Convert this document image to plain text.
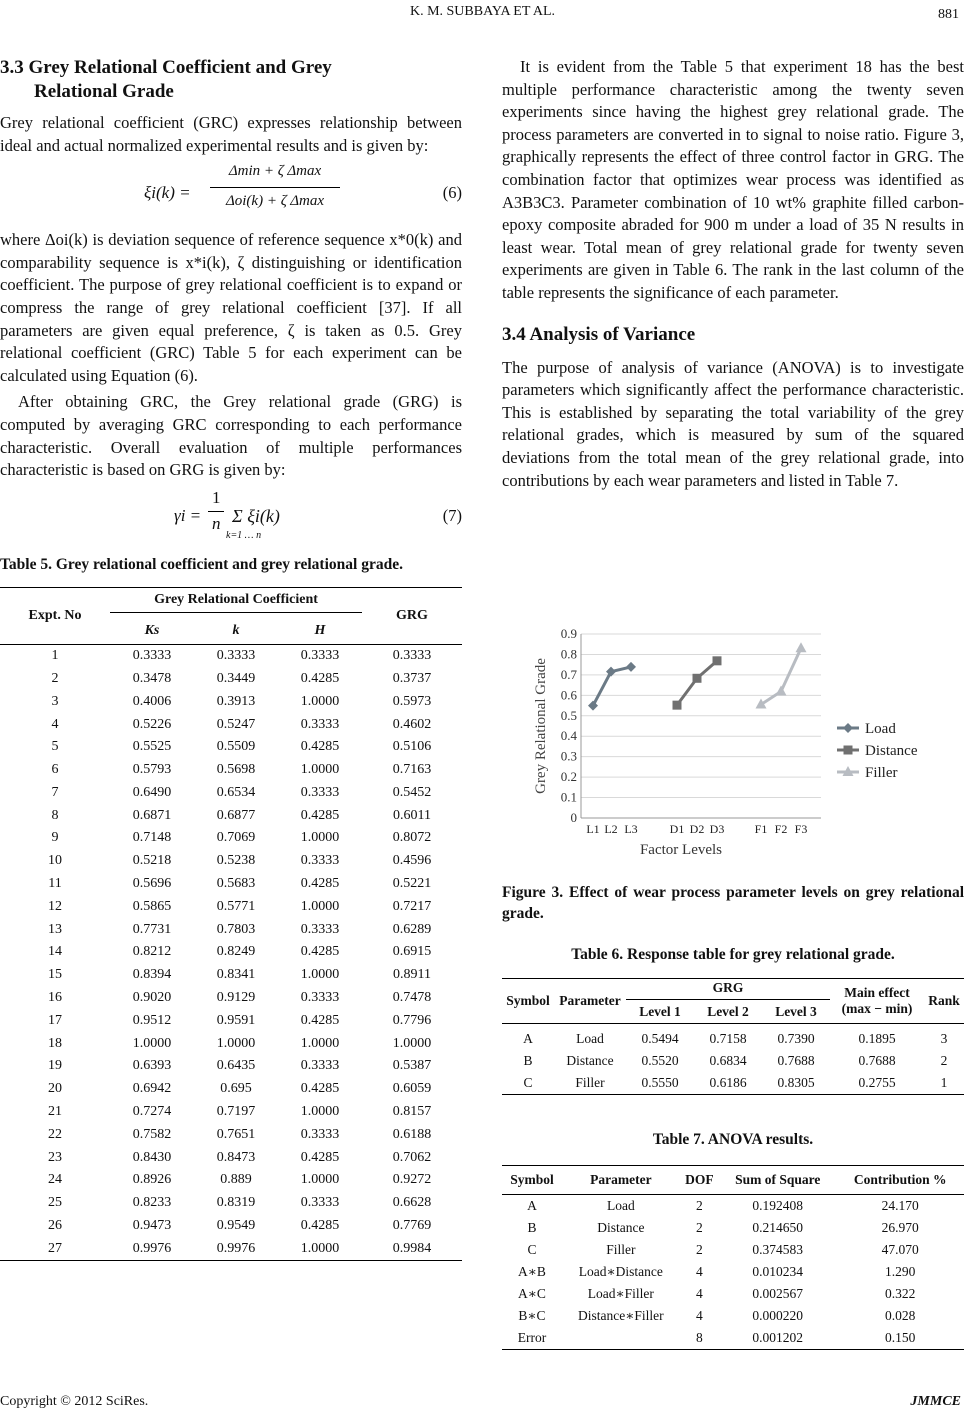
K. M. SUBBAYA ET AL.	881
3.3 Grey Relational Coefficient and Grey
Relational Grade

Grey relational coefficient (GRC) expresses relationship between ideal and actual normalized experimental results and is given by:

ξi(k) =
Δmin + ζ Δmax
Δoi(k) + ζ Δmax	(6)

where Δoi(k) is deviation sequence of reference sequence x*0(k) and comparability sequence is x*i(k), ζ distinguishing or identification coefficient. The purpose of grey relational coefficient is to expand or compress the range of grey relational coefficient [37]. If all parameters are given equal preference, ζ is taken as 0.5. Grey relational coefficient (GRC) Table 5 for each experiment can be calculated using Equation (6).

After obtaining GRC, the Grey relational grade (GRG) is computed by averaging GRC corresponding to each performance characteristic. Overall evaluation of multiple performances characteristic is based on GRG is given by:

γi =
1
n Σ ξi(k)
k=1 … n
(7)

Table 5. Grey relational coefficient and grey relational grade.

Expt. No	Grey Relational Coefficient			GRG
	Ks	k	H	
1	0.3333	0.3333	0.3333	0.3333
2	0.3478	0.3449	0.4285	0.3737
3	0.4006	0.3913	1.0000	0.5973
4	0.5226	0.5247	0.3333	0.4602
5	0.5525	0.5509	0.4285	0.5106
6	0.5793	0.5698	1.0000	0.7163
7	0.6490	0.6534	0.3333	0.5452
8	0.6871	0.6877	0.4285	0.6011
9	0.7148	0.7069	1.0000	0.8072
10	0.5218	0.5238	0.3333	0.4596
11	0.5696	0.5683	0.4285	0.5221
12	0.5865	0.5771	1.0000	0.7217
13	0.7731	0.7803	0.3333	0.6289
14	0.8212	0.8249	0.4285	0.6915
15	0.8394	0.8341	1.0000	0.8911
16	0.9020	0.9129	0.3333	0.7478
17	0.9512	0.9591	0.4285	0.7796
18	1.0000	1.0000	1.0000	1.0000
19	0.6393	0.6435	0.3333	0.5387
20	0.6942	0.695	0.4285	0.6059
21	0.7274	0.7197	1.0000	0.8157
22	0.7582	0.7651	0.3333	0.6188
23	0.8430	0.8473	0.4285	0.7062
24	0.8926	0.889	1.0000	0.9272
25	0.8233	0.8319	0.3333	0.6628
26	0.9473	0.9549	0.4285	0.7769
27	0.9976	0.9976	1.0000	0.9984

It is evident from the Table 5 that experiment 18 has the best multiple performance characteristic among the twenty seven experiments since having the highest grey relational grade. The process parameters are converted in to signal to noise ratio. Figure 3, graphically represents the effect of three control factor in GRG. The combination factor that optimizes wear process was identified as A3B3C3. Parameter combination of 10 wt% graphite filled carbon-epoxy composite abraded for 900 m under a load of 35 N results in least wear. Total mean of grey relational grade for twenty seven experiments are given in Table 6. The rank in the last column of the table represents the significance of each parameter.

3.4 Analysis of Variance

The purpose of analysis of variance (ANOVA) is to investigate parameters which significantly affect the performance characteristic. This is established by separating the total variability of the grey relational grades, which is measured by sum of the squared deviations from the total mean of the grey relational grade, into contributions by each wear parameters and listed in Table 7.

0
0.1
0.2
0.3
0.4
0.5
0.6
0.7
0.8
0.9
L1 L2 L3	D1 D2 D3	F1 F2 F3
Factor Levels
Grey Relational Grade	Load
Distance
Filler

Figure 3. Effect of wear process parameter levels on grey relational grade.

Table 6. Response table for grey relational grade.
Symbol	Parameter	GRG			Main effect
(max − min)	Rank
		Level 1	Level 2	Level 3		
A	Load	0.5494	0.7158	0.7390	0.1895	3
B	Distance	0.5520	0.6834	0.7688	0.7688	2
C	Filler	0.5550	0.6186	0.8305	0.2755	1
Table 7. ANOVA results.
Symbol	Parameter	DOF	Sum of Square	Contribution %
A	Load	2	0.192408	24.170
B	Distance	2	0.214650	26.970
C	Filler	2	0.374583	47.070
A∗B	Load∗Distance	4	0.010234	1.290
A∗C	Load∗Filler	4	0.002567	0.322
B∗C	Distance∗Filler	4	0.000220	0.028
Error		8	0.001202	0.150
Copyright © 2012 SciRes.	JMMCE
